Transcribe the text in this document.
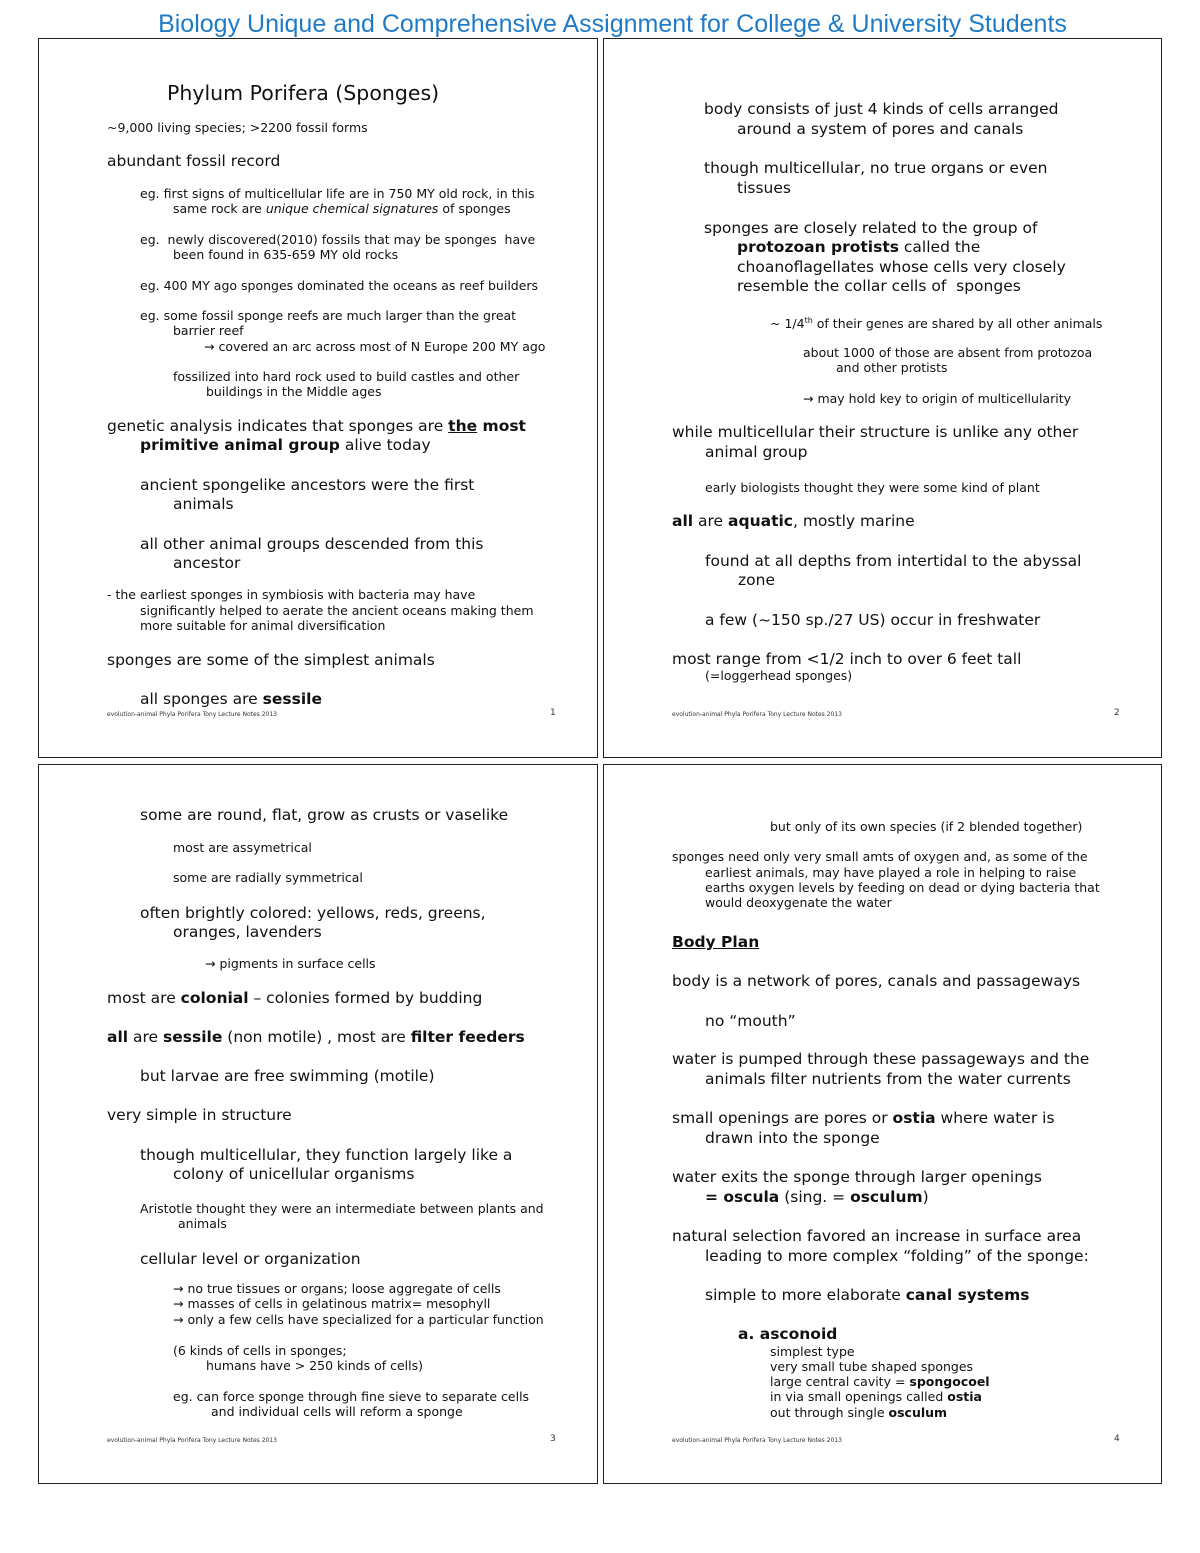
Biology Unique and Comprehensive Assignment for College & University Students
Phylum Porifera (Sponges)
~9,000 living species; >2200 fossil forms
abundant fossil record
eg. first signs of multicellular life are in 750 MY old rock, in this
same rock are unique chemical signatures of sponges
eg.  newly discovered(2010) fossils that may be sponges  have
been found in 635-659 MY old rocks
eg. 400 MY ago sponges dominated the oceans as reef builders
eg. some fossil sponge reefs are much larger than the great
barrier reef
→ covered an arc across most of N Europe 200 MY ago
fossilized into hard rock used to build castles and other
buildings in the Middle ages
genetic analysis indicates that sponges are the most
primitive animal group alive today
ancient spongelike ancestors were the first
animals
all other animal groups descended from this
ancestor
- the earliest sponges in symbiosis with bacteria may have
significantly helped to aerate the ancient oceans making them
more suitable for animal diversification
sponges are some of the simplest animals
all sponges are sessile
evolution-animal Phyla Porifera Tony Lecture Notes 2013	1
body consists of just 4 kinds of cells arranged
around a system of pores and canals
though multicellular, no true organs or even
tissues
sponges are closely related to the group of
protozoan protists called the
choanoflagellates whose cells very closely
resemble the collar cells of  sponges
~ 1/4th of their genes are shared by all other animals
about 1000 of those are absent from protozoa
and other protists
→ may hold key to origin of multicellularity
while multicellular their structure is unlike any other
animal group
early biologists thought they were some kind of plant
all are aquatic, mostly marine
found at all depths from intertidal to the abyssal
zone
a few (~150 sp./27 US) occur in freshwater
most range from <1/2 inch to over 6 feet tall
(=loggerhead sponges)
evolution-animal Phyla Porifera Tony Lecture Notes 2013	2
some are round, flat, grow as crusts or vaselike
most are assymetrical
some are radially symmetrical
often brightly colored: yellows, reds, greens,
oranges, lavenders
→ pigments in surface cells
most are colonial – colonies formed by budding
all are sessile (non motile) , most are filter feeders
but larvae are free swimming (motile)
very simple in structure
though multicellular, they function largely like a
colony of unicellular organisms
Aristotle thought they were an intermediate between plants and
animals
cellular level or organization
→ no true tissues or organs; loose aggregate of cells
→ masses of cells in gelatinous matrix= mesophyll
→ only a few cells have specialized for a particular function
(6 kinds of cells in sponges;
humans have > 250 kinds of cells)
eg. can force sponge through fine sieve to separate cells
and individual cells will reform a sponge
evolution-animal Phyla Porifera Tony Lecture Notes 2013	3
but only of its own species (if 2 blended together)
sponges need only very small amts of oxygen and, as some of the
earliest animals, may have played a role in helping to raise
earths oxygen levels by feeding on dead or dying bacteria that
would deoxygenate the water
Body Plan
body is a network of pores, canals and passageways
no “mouth”
water is pumped through these passageways and the
animals filter nutrients from the water currents
small openings are pores or ostia where water is
drawn into the sponge
water exits the sponge through larger openings
= oscula (sing. = osculum)
natural selection favored an increase in surface area
leading to more complex “folding” of the sponge:
simple to more elaborate canal systems
a. asconoid
simplest type
very small tube shaped sponges
large central cavity = spongocoel
in via small openings called ostia
out through single osculum
evolution-animal Phyla Porifera Tony Lecture Notes 2013	4
